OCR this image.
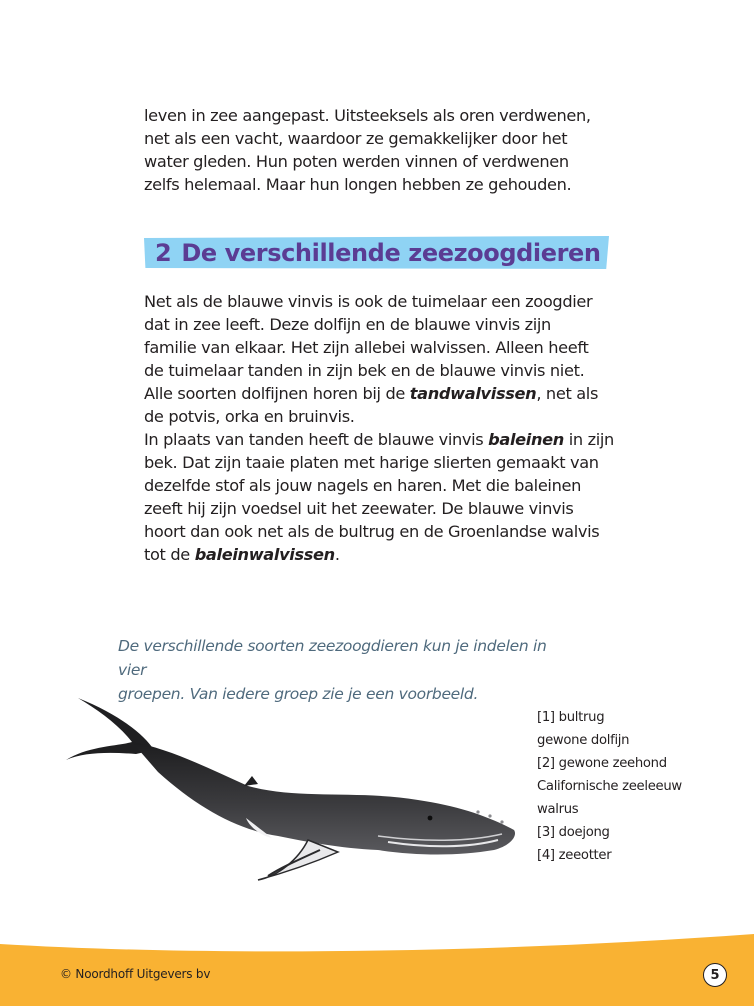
leven in zee aangepast. Uitsteeksels als oren verdwenen,

net als een vacht, waardoor ze gemakkelijker door het

water gleden. Hun poten werden vinnen of verdwenen

zelfs helemaal. Maar hun longen hebben ze gehouden.

2 De verschillende zeezoogdieren

Net als de blauwe vinvis is ook de tuimelaar een zoogdier

dat in zee leeft. Deze dolfijn en de blauwe vinvis zijn

familie van elkaar. Het zijn allebei walvissen. Alleen heeft

de tuimelaar tanden in zijn bek en de blauwe vinvis niet.

Alle soorten dolfijnen horen bij de tandwalvissen, net als

de potvis, orka en bruinvis.

In plaats van tanden heeft de blauwe vinvis baleinen in zijn

bek. Dat zijn taaie platen met harige slierten gemaakt van

dezelfde stof als jouw nagels en haren. Met die baleinen

zeeft hij zijn voedsel uit het zeewater. De blauwe vinvis

hoort dan ook net als de bultrug en de Groenlandse walvis

tot de baleinwalvissen.

De verschillende soorten zeezoogdieren kun je indelen in vier
groepen. Van iedere groep zie je een voorbeeld.
[1] bultrug
gewone dolfijn
[2] gewone zeehond
Californische zeeleeuw
walrus
[3] doejong
[4] zeeotter
© Noordhoff Uitgevers bv	5
